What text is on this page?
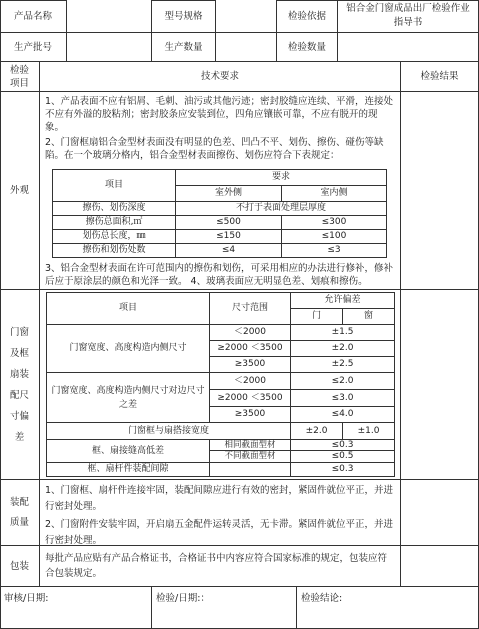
产品名称	型号规格	检验依据
铝合金门窗成品出厂检验作业指导书
生产批号	生产数量	检验数量
检验项目
技术要求	检验结果
外观

1、产品表面不应有铝屑、毛刺、油污或其他污迹；密封胶缝应连续、平滑，连接处不应有外溢的胶粘剂；密封胶条应安装到位，四角应镶嵌可靠，不应有脱开的现象。

2、门窗框扇铝合金型材表面没有明显的色差、凹凸不平、划伤、擦伤、碰伤等缺陷。在一个玻璃分格内，铝合金型材表面擦伤、划伤应符合下表规定：

项目
要求
室外侧	室内侧
擦伤、划伤深度	不打于表面处理层厚度
擦伤总面积,㎡	≤500	≤300
划伤总长度，㎜	≤150	≤100
擦伤和划伤处数	≤4	≤3

3、铝合金型材表面在许可范围内的擦伤和划伤，可采用相应的办法进行修补，修补后应于原涂层的颜色和光泽一致。 4、玻璃表面应无明显色差、划痕和擦伤。

门窗及框扇装配尺寸偏差
项目	尺寸范围
允许偏差
门	窗
门窗宽度、高度构造内侧尺寸
＜2000	±1.5
≥2000 ＜3500	±2.0
≥3500	±2.5
门窗宽度、高度构造内侧尺寸对边尺寸之差
＜2000	≤2.0
≥2000 ＜3500	≤3.0
≥3500	≤4.0
门窗框与扇搭接宽度	±2.0	±1.0
框、扇接缝高低差
相同截面型材	≤0.3
不同截面型材	≤0.5
框、扇杆件装配间隙	≤0.3
装配质量

1、门窗框、扇杆件连接牢固，装配间隙应进行有效的密封，紧固件就位平正，并进行密封处理。

2、门窗附件安装牢固，开启扇五金配件运转灵活，无卡滞。紧固件就位平正，并进行密封处理。

包装
每批产品应贴有产品合格证书，合格证书中内容应符合国家标准的规定，包装应符合包装规定。
审核/日期:	检验/日期:：	检验结论:
